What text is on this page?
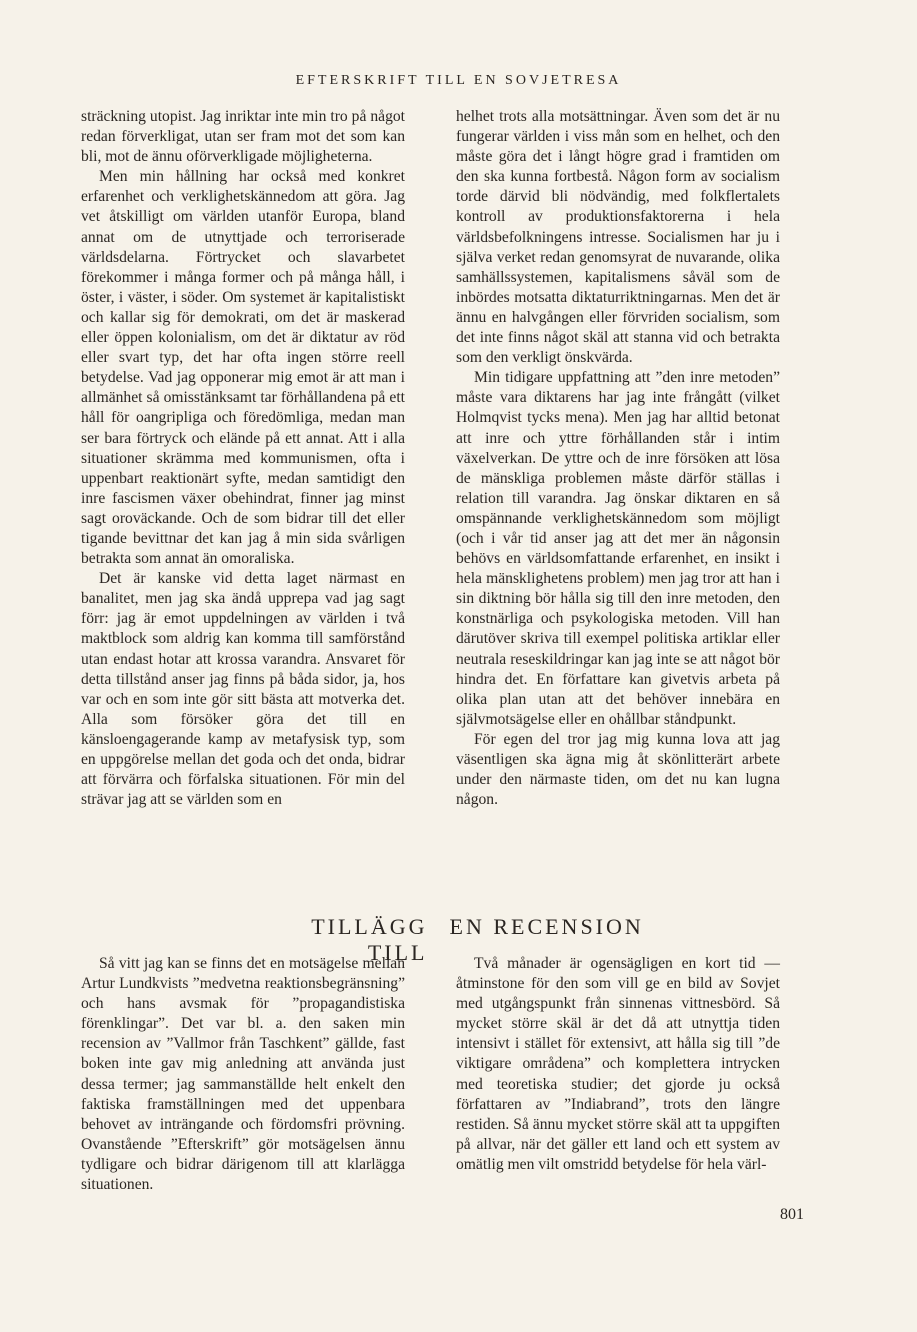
EFTERSKRIFT TILL EN SOVJETRESA

sträckning utopist. Jag inriktar inte min tro på något redan förverkligat, utan ser fram mot det som kan bli, mot de ännu oförverkligade möjligheterna.

Men min hållning har också med konkret erfarenhet och verklighetskännedom att göra. Jag vet åtskilligt om världen utanför Europa, bland annat om de utnyttjade och terroriserade världsdelarna. Förtrycket och slavarbetet förekommer i många former och på många håll, i öster, i väster, i söder. Om systemet är kapitalistiskt och kallar sig för demokrati, om det är maskerad eller öppen kolonialism, om det är diktatur av röd eller svart typ, det har ofta ingen större reell betydelse. Vad jag opponerar mig emot är att man i allmänhet så omisstänksamt tar förhållandena på ett håll för oangripliga och föredömliga, medan man ser bara förtryck och elände på ett annat. Att i alla situationer skrämma med kommunismen, ofta i uppenbart reaktionärt syfte, medan samtidigt den inre fascismen växer obehindrat, finner jag minst sagt oroväckande. Och de som bidrar till det eller tigande bevittnar det kan jag å min sida svårligen betrakta som annat än omoraliska.

Det är kanske vid detta laget närmast en banalitet, men jag ska ändå upprepa vad jag sagt förr: jag är emot uppdelningen av världen i två maktblock som aldrig kan komma till samförstånd utan endast hotar att krossa varandra. Ansvaret för detta tillstånd anser jag finns på båda sidor, ja, hos var och en som inte gör sitt bästa att motverka det. Alla som försöker göra det till en känsloengagerande kamp av metafysisk typ, som en uppgörelse mellan det goda och det onda, bidrar att förvärra och förfalska situationen. För min del strävar jag att se världen som en

helhet trots alla motsättningar. Även som det är nu fungerar världen i viss mån som en helhet, och den måste göra det i långt högre grad i framtiden om den ska kunna fortbestå. Någon form av socialism torde därvid bli nödvändig, med folkflertalets kontroll av produktionsfaktorerna i hela världsbefolkningens intresse. Socialismen har ju i själva verket redan genomsyrat de nuvarande, olika samhällssystemen, kapitalismens såväl som de inbördes motsatta diktaturriktningarnas. Men det är ännu en halvgången eller förvriden socialism, som det inte finns något skäl att stanna vid och betrakta som den verkligt önskvärda.

Min tidigare uppfattning att ”den inre metoden” måste vara diktarens har jag inte frångått (vilket Holmqvist tycks mena). Men jag har alltid betonat att inre och yttre förhållanden står i intim växelverkan. De yttre och de inre försöken att lösa de mänskliga problemen måste därför ställas i relation till varandra. Jag önskar diktaren en så omspännande verklighetskännedom som möjligt (och i vår tid anser jag att det mer än någonsin behövs en världsomfattande erfarenhet, en insikt i hela mänsklighetens problem) men jag tror att han i sin diktning bör hålla sig till den inre metoden, den konstnärliga och psykologiska metoden. Vill han därutöver skriva till exempel politiska artiklar eller neutrala reseskildringar kan jag inte se att något bör hindra det. En författare kan givetvis arbeta på olika plan utan att det behöver innebära en självmotsägelse eller en ohållbar ståndpunkt.

För egen del tror jag mig kunna lova att jag väsentligen ska ägna mig åt skönlitterärt arbete under den närmaste tiden, om det nu kan lugna någon.

TILLÄGG TILL
EN RECENSION

Så vitt jag kan se finns det en motsägelse mellan Artur Lundkvists ”medvetna reaktionsbegränsning” och hans avsmak för ”propagandistiska förenklingar”. Det var bl. a. den saken min recension av ”Vallmor från Taschkent” gällde, fast boken inte gav mig anledning att använda just dessa termer; jag sammanställde helt enkelt den faktiska framställningen med det uppenbara behovet av inträngande och fördomsfri prövning. Ovanstående ”Efterskrift” gör motsägelsen ännu tydligare och bidrar därigenom till att klarlägga situationen.

Två månader är ogensägligen en kort tid — åtminstone för den som vill ge en bild av Sovjet med utgångspunkt från sinnenas vittnesbörd. Så mycket större skäl är det då att utnyttja tiden intensivt i stället för extensivt, att hålla sig till ”de viktigare områdena” och komplettera intrycken med teoretiska studier; det gjorde ju också författaren av ”Indiabrand”, trots den längre restiden. Så ännu mycket större skäl att ta uppgiften på allvar, när det gäller ett land och ett system av omätlig men vilt omstridd betydelse för hela värl-

801
